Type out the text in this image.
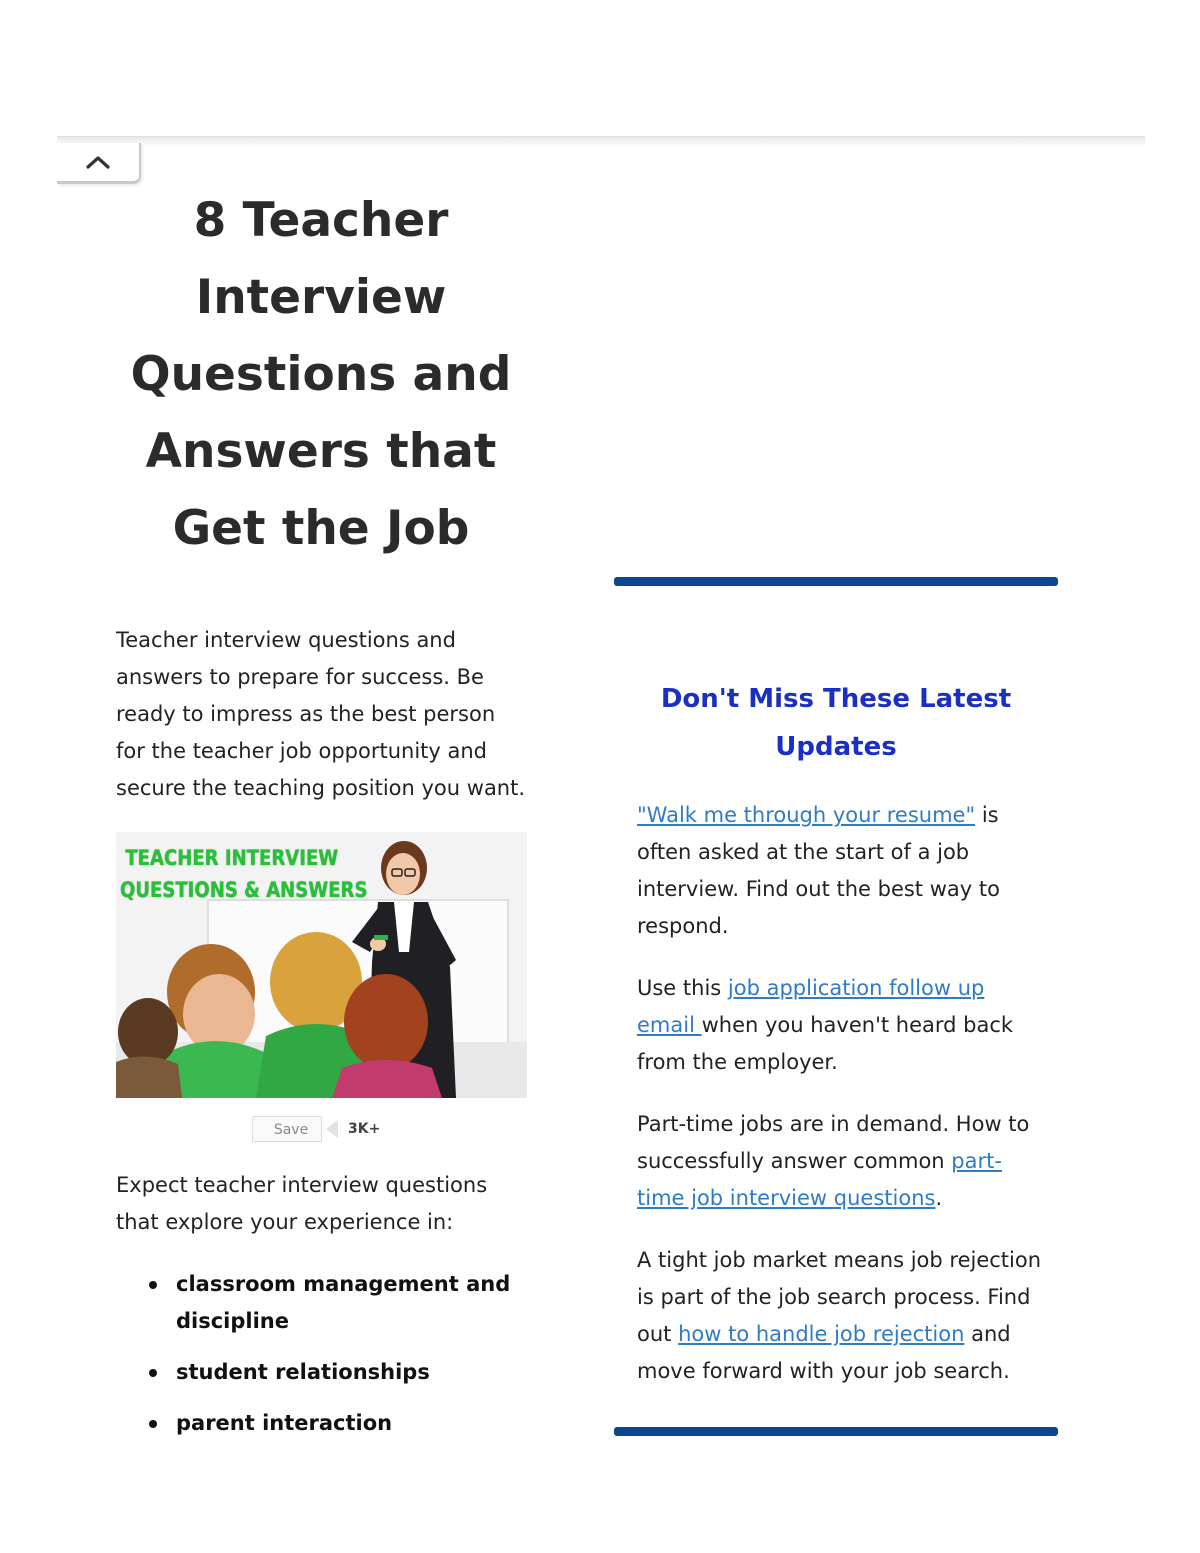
8 Teacher Interview Questions and Answers that Get the Job

Teacher interview questions and answers to prepare for success. Be ready to impress as the best person for the teacher job opportunity and secure the teaching position you want.

TEACHER INTERVIEW
QUESTIONS & ANSWERS
Save	3K+

Expect teacher interview questions that explore your experience in:

classroom management and discipline
student relationships
parent interaction
Don't Miss These Latest Updates

"Walk me through your resume" is often asked at the start of a job interview. Find out the best way to respond.

Use this job application follow up email when you haven't heard back from the employer.

Part-time jobs are in demand. How to successfully answer common part-time job interview questions.

A tight job market means job rejection is part of the job search process. Find out how to handle job rejection and move forward with your job search.
